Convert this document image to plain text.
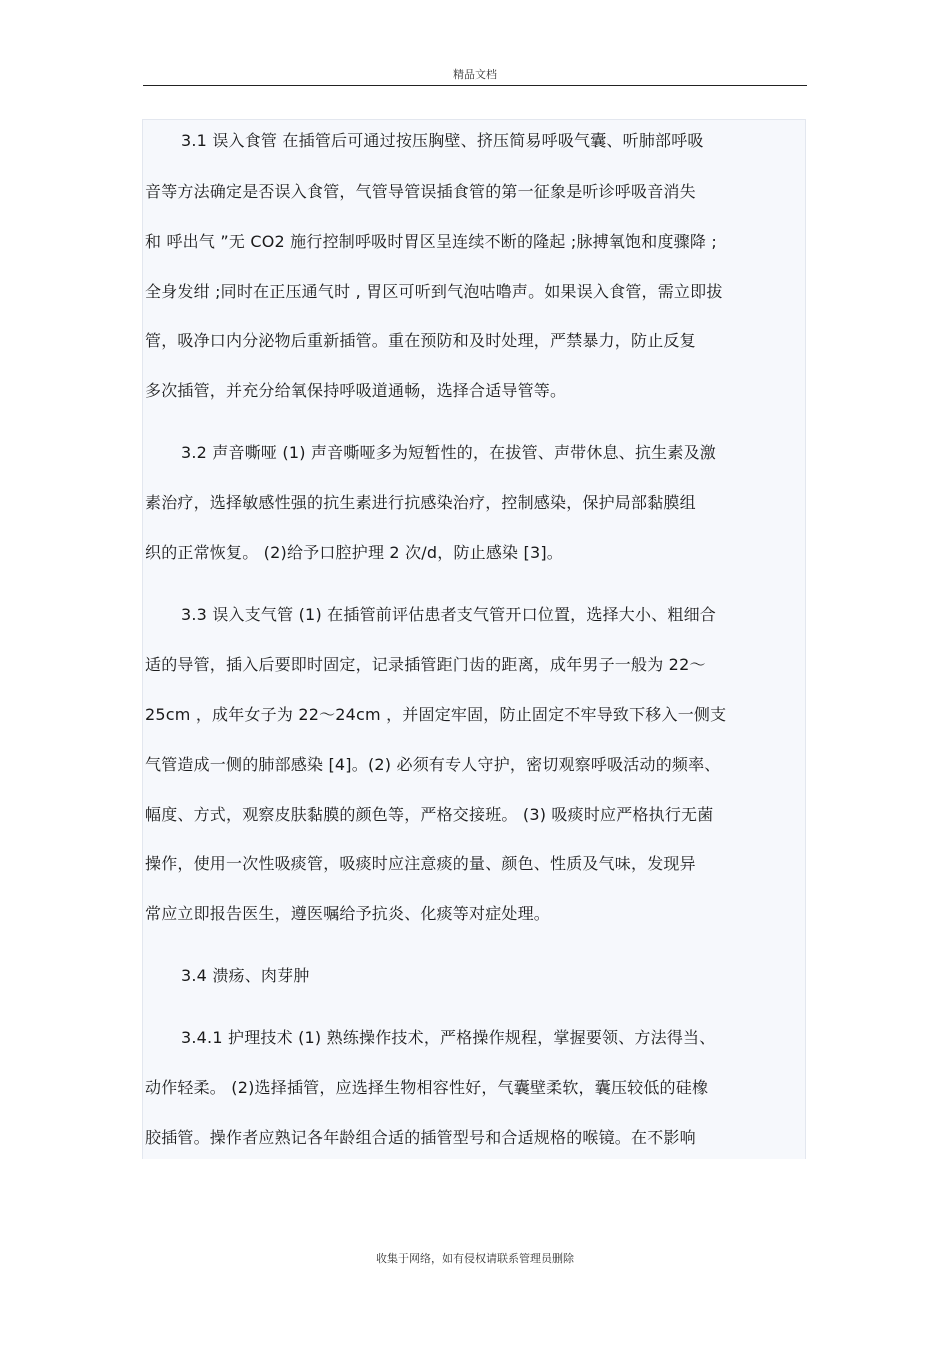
精品文档
3.1 误入食管 在插管后可通过按压胸壁、挤压简易呼吸气囊、听肺部呼吸
音等方法确定是否误入食管，气管导管误插食管的第一征象是听诊呼吸音消失
和 呼出气 ”无 CO2 施行控制呼吸时胃区呈连续不断的隆起 ;脉搏氧饱和度骤降 ;
全身发绀 ;同时在正压通气时 , 胃区可听到气泡咕噜声。如果误入食管，需立即拔
管，吸净口内分泌物后重新插管。重在预防和及时处理，严禁暴力，防止反复
多次插管，并充分给氧保持呼吸道通畅，选择合适导管等。
3.2 声音嘶哑 (1) 声音嘶哑多为短暂性的，在拔管、声带休息、抗生素及激
素治疗，选择敏感性强的抗生素进行抗感染治疗，控制感染，保护局部黏膜组
织的正常恢复。 (2)给予口腔护理 2 次/d，防止感染 [3]。
3.3 误入支气管 (1) 在插管前评估患者支气管开口位置，选择大小、粗细合
适的导管，插入后要即时固定，记录插管距门齿的距离，成年男子一般为 22～
25cm ，成年女子为 22～24cm ，并固定牢固，防止固定不牢导致下移入一侧支
气管造成一侧的肺部感染 [4]。(2) 必须有专人守护，密切观察呼吸活动的频率、
幅度、方式，观察皮肤黏膜的颜色等，严格交接班。 (3) 吸痰时应严格执行无菌
操作，使用一次性吸痰管，吸痰时应注意痰的量、颜色、性质及气味，发现异
常应立即报告医生，遵医嘱给予抗炎、化痰等对症处理。
3.4 溃疡、肉芽肿
3.4.1 护理技术 (1) 熟练操作技术，严格操作规程，掌握要领、方法得当、
动作轻柔。 (2)选择插管，应选择生物相容性好，气囊壁柔软，囊压较低的硅橡
胶插管。操作者应熟记各年龄组合适的插管型号和合适规格的喉镜。在不影响
收集于网络，如有侵权请联系管理员删除
